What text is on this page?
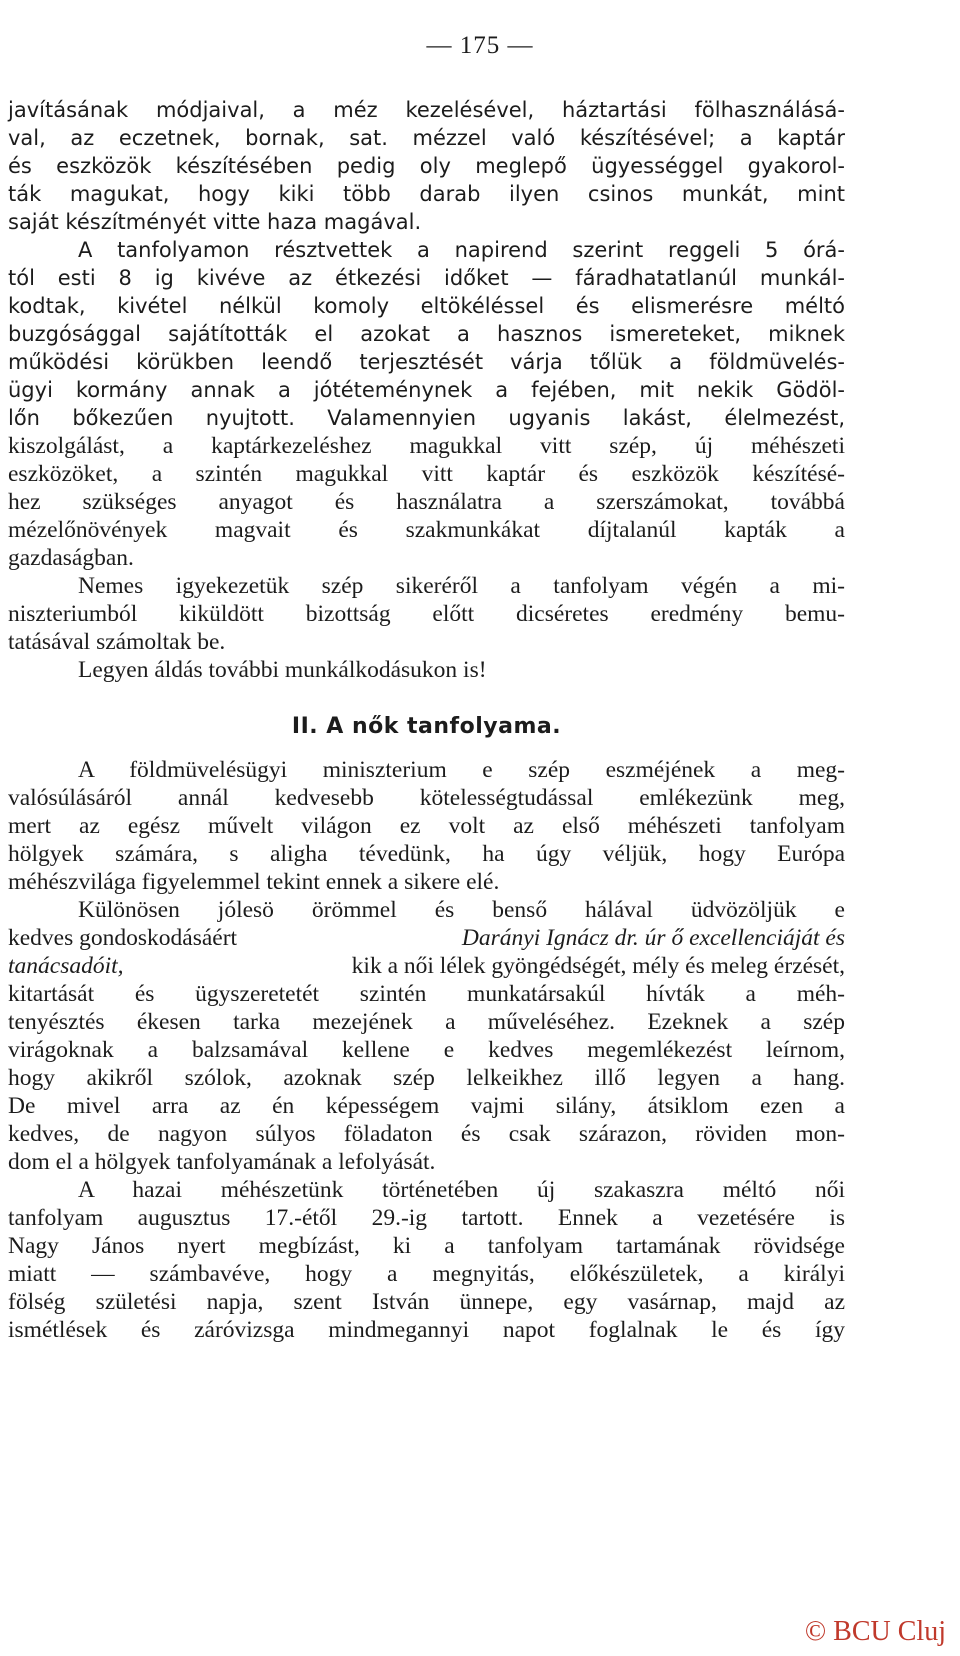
— 175 —
javításának módjaival, a méz kezelésével, háztartási fölhasználásá-
val, az eczetnek, bornak, sat. mézzel való készítésével; a kaptár
és eszközök készítésében pedig oly meglepő ügyességgel gyakorol-
ták magukat, hogy kiki több darab ilyen csinos munkát, mint
saját készítményét vitte haza magával.
A tanfolyamon résztvettek a napirend szerint reggeli 5 órá-
tól esti 8 ig kivéve az étkezési időket — fáradhatatlanúl munkál-
kodtak, kivétel nélkül komoly eltökéléssel és elismerésre méltó
buzgósággal sajátították el azokat a hasznos ismereteket, miknek
működési körükben leendő terjesztését várja tőlük a földmüvelés-
ügyi kormány annak a jótéteménynek a fejében, mit nekik Gödöl-
lőn bőkezűen nyujtott. Valamennyien ugyanis lakást, élelmezést,
kiszolgálást, a kaptárkezeléshez magukkal vitt szép, új méhészeti
eszközöket, a szintén magukkal vitt kaptár és eszközök készítésé-
hez szükséges anyagot és használatra a szerszámokat, továbbá
mézelőnövények magvait és szakmunkákat díjtalanúl kapták a
gazdaságban.
Nemes igyekezetük szép sikeréről a tanfolyam végén a mi-
niszteriumból kiküldött bizottság előtt dicséretes eredmény bemu-
tatásával számoltak be.
Legyen áldás további munkálkodásukon is!
II. A nők tanfolyama.
A földmüvelésügyi miniszterium e szép eszméjének a meg-
valósúlásáról annál kedvesebb kötelességtudással emlékezünk meg,
mert az egész művelt világon ez volt az első méhészeti tanfolyam
hölgyek számára, s aligha tévedünk, ha úgy véljük, hogy Európa
méhészvilága figyelemmel tekint ennek a sikere elé.
Különösen jólesö örömmel és benső hálával üdvözöljük e
kedves gondoskodásáért	Darányi Ignácz dr. úr ő excellenciáját és
tanácsadóit,	kik a női lélek gyöngédségét, mély és meleg érzését,
kitartását és ügyszeretetét szintén munkatársakúl hívták a méh-
tenyésztés ékesen tarka mezejének a műveléséhez. Ezeknek a szép
virágoknak a balzsamával kellene e kedves megemlékezést leírnom,
hogy akikről szólok, azoknak szép lelkeikhez illő legyen a hang.
De mivel arra az én képességem vajmi silány, átsiklom ezen a
kedves, de nagyon súlyos föladaton és csak szárazon, röviden mon-
dom el a hölgyek tanfolyamának a lefolyását.
A hazai méhészetünk történetében új szakaszra méltó női
tanfolyam augusztus 17.-étől 29.-ig tartott. Ennek a vezetésére is
Nagy János nyert megbízást, ki a tanfolyam tartamának rövidsége
miatt — számbavéve, hogy a megnyitás, előkészületek, a királyi
fölség születési napja, szent István ünnepe, egy vasárnap, majd az
ismétlések és záróvizsga mindmegannyi napot foglalnak le és így
© BCU Cluj
